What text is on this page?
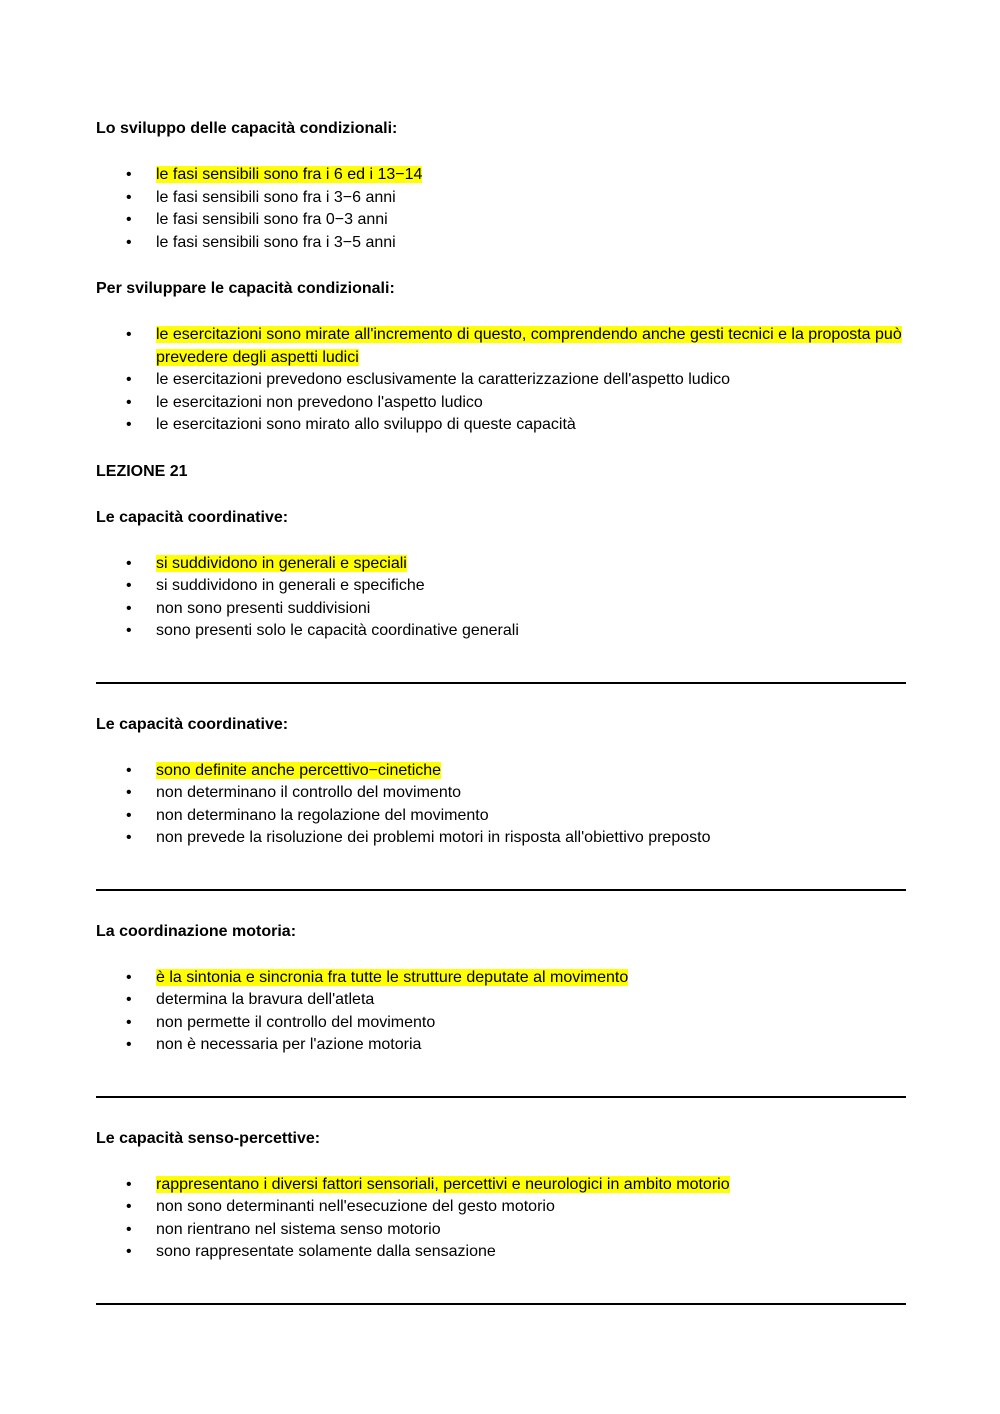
Lo sviluppo delle capacità condizionali:

• le fasi sensibili sono fra i 6 ed i 13−14
• le fasi sensibili sono fra i 3−6 anni
• le fasi sensibili sono fra 0−3 anni
• le fasi sensibili sono fra i 3−5 anni

Per sviluppare le capacità condizionali:

• le esercitazioni sono mirate all'incremento di questo, comprendendo anche gesti tecnici e la proposta può prevedere degli aspetti ludici
• le esercitazioni prevedono esclusivamente la caratterizzazione dell'aspetto ludico
• le esercitazioni non prevedono l'aspetto ludico
• le esercitazioni sono mirato allo sviluppo di queste capacità

LEZIONE 21

Le capacità coordinative:

• si suddividono in generali e speciali
• si suddividono in generali e specifiche
• non sono presenti suddivisioni
• sono presenti solo le capacità coordinative generali

Le capacità coordinative:

• sono definite anche percettivo−cinetiche
• non determinano il controllo del movimento
• non determinano la regolazione del movimento
• non prevede la risoluzione dei problemi motori in risposta all'obiettivo preposto

La coordinazione motoria:

• è la sintonia e sincronia fra tutte le strutture deputate al movimento
• determina la bravura dell'atleta
• non permette il controllo del movimento
• non è necessaria per l'azione motoria

Le capacità senso-percettive:

• rappresentano i diversi fattori sensoriali, percettivi e neurologici in ambito motorio
• non sono determinanti nell'esecuzione del gesto motorio
• non rientrano nel sistema senso motorio
• sono rappresentate solamente dalla sensazione
